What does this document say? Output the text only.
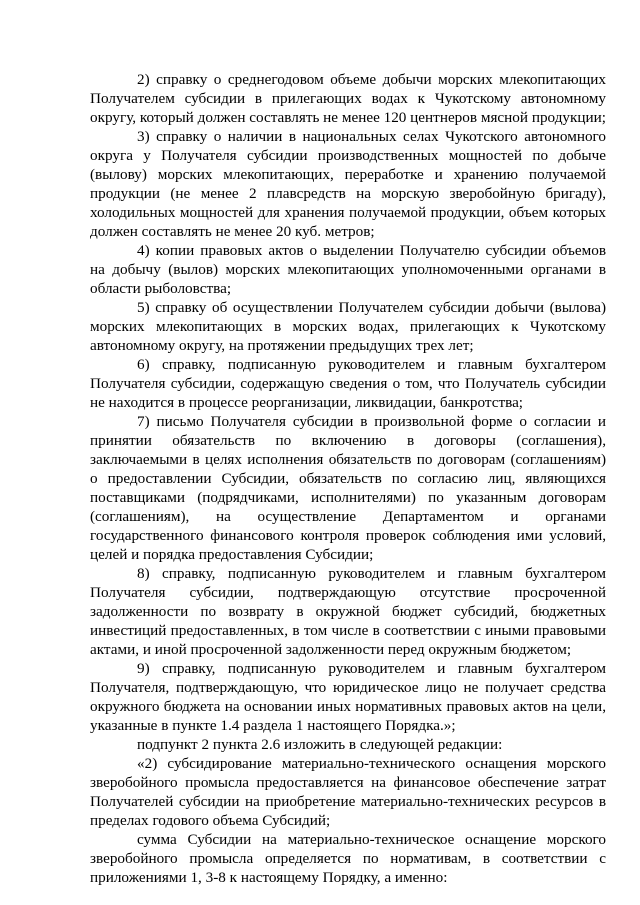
2) справку о среднегодовом объеме добычи морских млекопитающих Получателем субсидии в прилегающих водах к Чукотскому автономному округу, который должен составлять не менее 120 центнеров мясной продукции;

3) справку о наличии в национальных селах Чукотского автономного округа у Получателя субсидии производственных мощностей по добыче (вылову) морских млекопитающих, переработке и хранению получаемой продукции (не менее 2 плавсредств на морскую зверобойную бригаду), холодильных мощностей для хранения получаемой продукции, объем которых должен составлять не менее 20 куб. метров;

4) копии правовых актов о выделении Получателю субсидии объемов на добычу (вылов) морских млекопитающих уполномоченными органами в области рыболовства;

5) справку об осуществлении Получателем субсидии добычи (вылова) морских млекопитающих в морских водах, прилегающих к Чукотскому автономному округу, на протяжении предыдущих трех лет;

6) справку, подписанную руководителем и главным бухгалтером Получателя субсидии, содержащую сведения о том, что Получатель субсидии не находится в процессе реорганизации, ликвидации, банкротства;

7) письмо Получателя субсидии в произвольной форме о согласии и принятии обязательств по включению в договоры (соглашения), заключаемыми в целях исполнения обязательств по договорам (соглашениям) о предоставлении Субсидии, обязательств по согласию лиц, являющихся поставщиками (подрядчиками, исполнителями) по указанным договорам (соглашениям), на осуществление Департаментом и органами государственного финансового контроля проверок соблюдения ими условий, целей и порядка предоставления Субсидии;

8) справку, подписанную руководителем и главным бухгалтером Получателя субсидии, подтверждающую отсутствие просроченной задолженности по возврату в окружной бюджет субсидий, бюджетных инвестиций предоставленных, в том числе в соответствии с иными правовыми актами, и иной просроченной задолженности перед окружным бюджетом;

9) справку, подписанную руководителем и главным бухгалтером Получателя, подтверждающую, что юридическое лицо не получает средства окружного бюджета на основании иных нормативных правовых актов на цели, указанные в пункте 1.4 раздела 1 настоящего Порядка.»;

подпункт 2 пункта 2.6 изложить в следующей редакции:

«2) субсидирование материально-технического оснащения морского зверобойного промысла предоставляется на финансовое обеспечение затрат Получателей субсидии на приобретение материально-технических ресурсов в пределах годового объема Субсидий;

сумма Субсидии на материально-техническое оснащение морского зверобойного промысла определяется по нормативам, в соответствии с приложениями 1, 3-8 к настоящему Порядку, а именно:
